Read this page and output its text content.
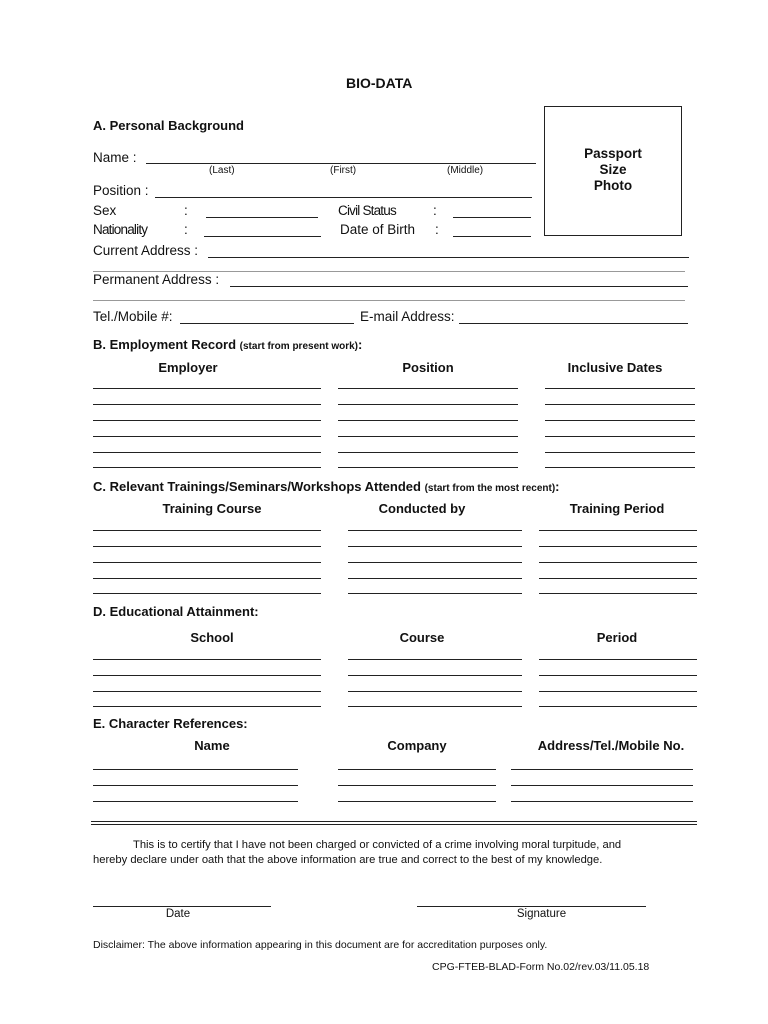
BIO-DATA
Passport
Size
Photo
A. Personal Background
Name :
(Last)	(First)	(Middle)
Position :
Sex	:	Civil Status	:
Nationality	:	Date of Birth :
Current Address :
Permanent Address :
Tel./Mobile #:	E-mail Address:
B. Employment Record (start from present work):
Employer	Position	Inclusive Dates
C. Relevant Trainings/Seminars/Workshops Attended (start from the most recent):
Training Course	Conducted by	Training Period
D. Educational Attainment:
School	Course	Period
E. Character References:
Name	Company	Address/Tel./Mobile No.
This is to certify that I have not been charged or convicted of a crime involving moral turpitude, and
hereby declare under oath that the above information are true and correct to the best of my knowledge.
Date	Signature
Disclaimer: The above information appearing in this document are for accreditation purposes only.
CPG-FTEB-BLAD-Form No.02/rev.03/11.05.18
